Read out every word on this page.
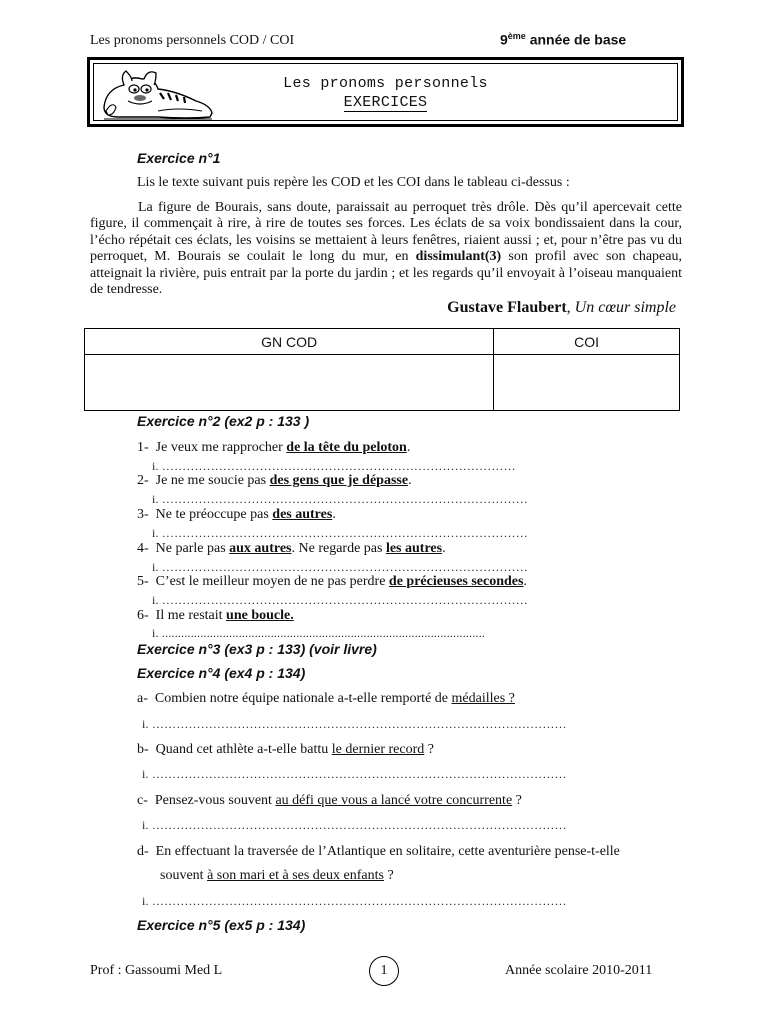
Les pronoms personnels COD / COI	9ème année de base
Les pronoms personnels
EXERCICES
Exercice n°1
Lis le texte suivant puis repère les COD et les COI dans le tableau ci-dessus :
La figure de Bourais, sans doute, paraissait au perroquet très drôle. Dès qu’il apercevait cette figure, il commençait à rire, à rire de toutes ses forces. Les éclats de sa voix bondissaient dans la cour, l’écho répétait ces éclats, les voisins se mettaient à leurs fenêtres, riaient aussi ; et, pour n’être pas vu du perroquet, M. Bourais se coulait le long du mur, en dissimulant(3) son profil avec son chapeau, atteignait la rivière, puis entrait par la porte du jardin ; et les regards qu’il envoyait à l’oiseau manquaient de tendresse.
Gustave Flaubert, Un cœur simple
GN COD	COI

Exercice n°2 (ex2 p : 133 )
1- Je veux me rapprocher de la tête du peloton.
i. ……………………………………………………………………………
2- Je ne me soucie pas des gens que je dépasse.
i. ………………………………………………………………………………
3- Ne te préoccupe pas des autres.
i. ………………………………………………………………………………
4- Ne parle pas aux autres. Ne regarde pas les autres.
i. ………………………………………………………………………………
5- C’est le meilleur moyen de ne pas perdre de précieuses secondes.
i. ………………………………………………………………………………
6- Il me restait une boucle.
i. .....................................................................................................
Exercice n°3 (ex3 p : 133) (voir livre)
Exercice n°4 (ex4 p : 134)
a- Combien notre équipe nationale a-t-elle remporté de médailles ?
i. …………………………………………………………………………………………
b- Quand cet athlète a-t-elle battu le dernier record ?
i. …………………………………………………………………………………………
c- Pensez-vous souvent au défi que vous a lancé votre concurrente ?
i. …………………………………………………………………………………………
d- En effectuant la traversée de l’Atlantique en solitaire, cette aventurière pense-t-elle
souvent à son mari et à ses deux enfants ?
i. …………………………………………………………………………………………
Exercice n°5 (ex5 p : 134)
Prof : Gassoumi Med L	1	Année scolaire 2010-2011
